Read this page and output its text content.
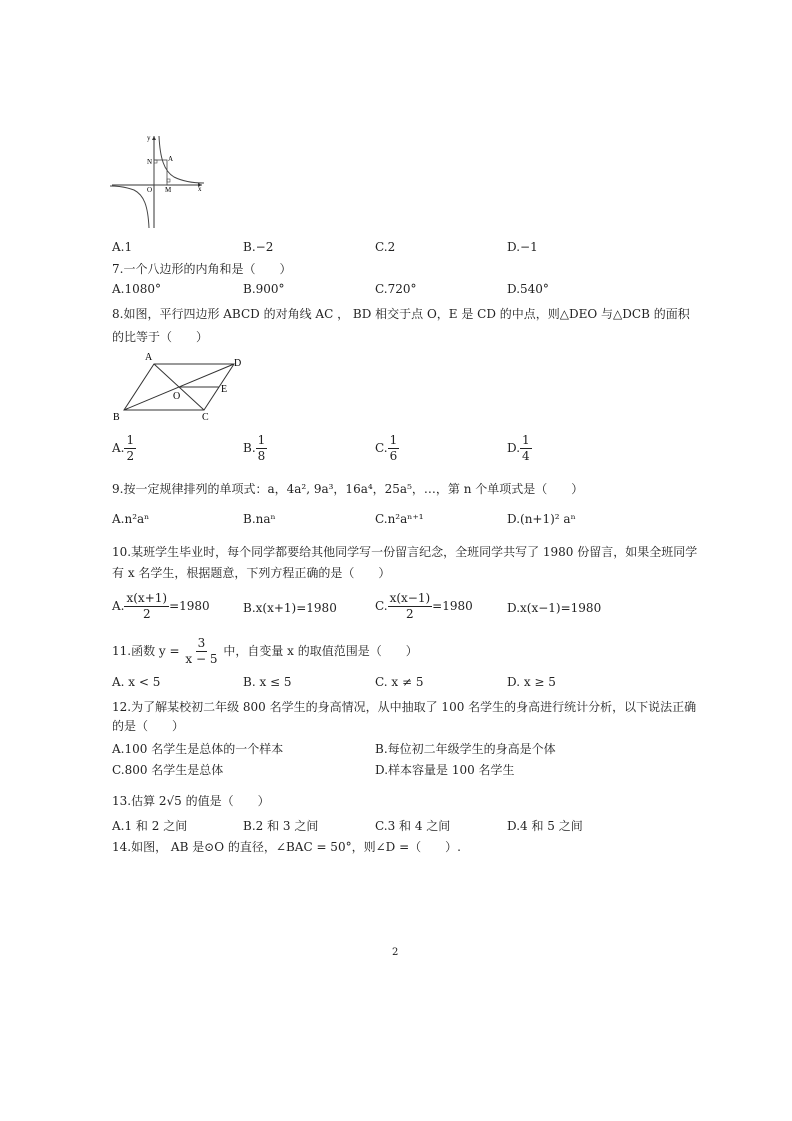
y
N A
O M	x
A.1	B.−2	C.2	D.−1
7.一个八边形的内角和是（　　）
A.1080°	B.900°	C.720°	D.540°
8.如图，平行四边形 ABCD 的对角线 AC ， BD 相交于点 O，E 是 CD 的中点，则△DEO 与△DCB 的面积
的比等于（　　）
A
D
E
O
B	C
A. $\frac{1}{2}$	B. $\frac{1}{8}$	C. $\frac{1}{6}$	D. $\frac{1}{4}$
9.按一定规律排列的单项式：a，4a², 9a³，16a⁴，25a⁵，…，第 n 个单项式是（　　）
A.n²aⁿ	B.naⁿ	C.n²aⁿ⁺¹	D.(n+1)² aⁿ
10.某班学生毕业时，每个同学都要给其他同学写一份留言纪念，全班同学共写了 1980 份留言，如果全班同学
有 x 名学生，根据题意，下列方程正确的是（　　）
A. $\frac{x(x+1)}{2} =1980$	B.x(x+1)=1980	C. $\frac{x(x-1)}{2} =1980$	D.x(x−1)=1980
11.函数 $y = \frac{3}{x - 5}$ 中，自变量 x 的取值范围是（　　）
A. x < 5	B. x ≤ 5	C. x ≠ 5	D. x ≥ 5
12.为了解某校初二年级 800 名学生的身高情况，从中抽取了 100 名学生的身高进行统计分析，以下说法正确
的是（　　）
A.100 名学生是总体的一个样本	B.每位初二年级学生的身高是个体
C.800 名学生是总体	D.样本容量是 100 名学生
13.估算 2√5 的值是（　　）
A.1 和 2 之间	B.2 和 3 之间	C.3 和 4 之间	D.4 和 5 之间
14.如图， AB 是⊙O 的直径，∠BAC = 50°，则∠D =（　　）.
2
